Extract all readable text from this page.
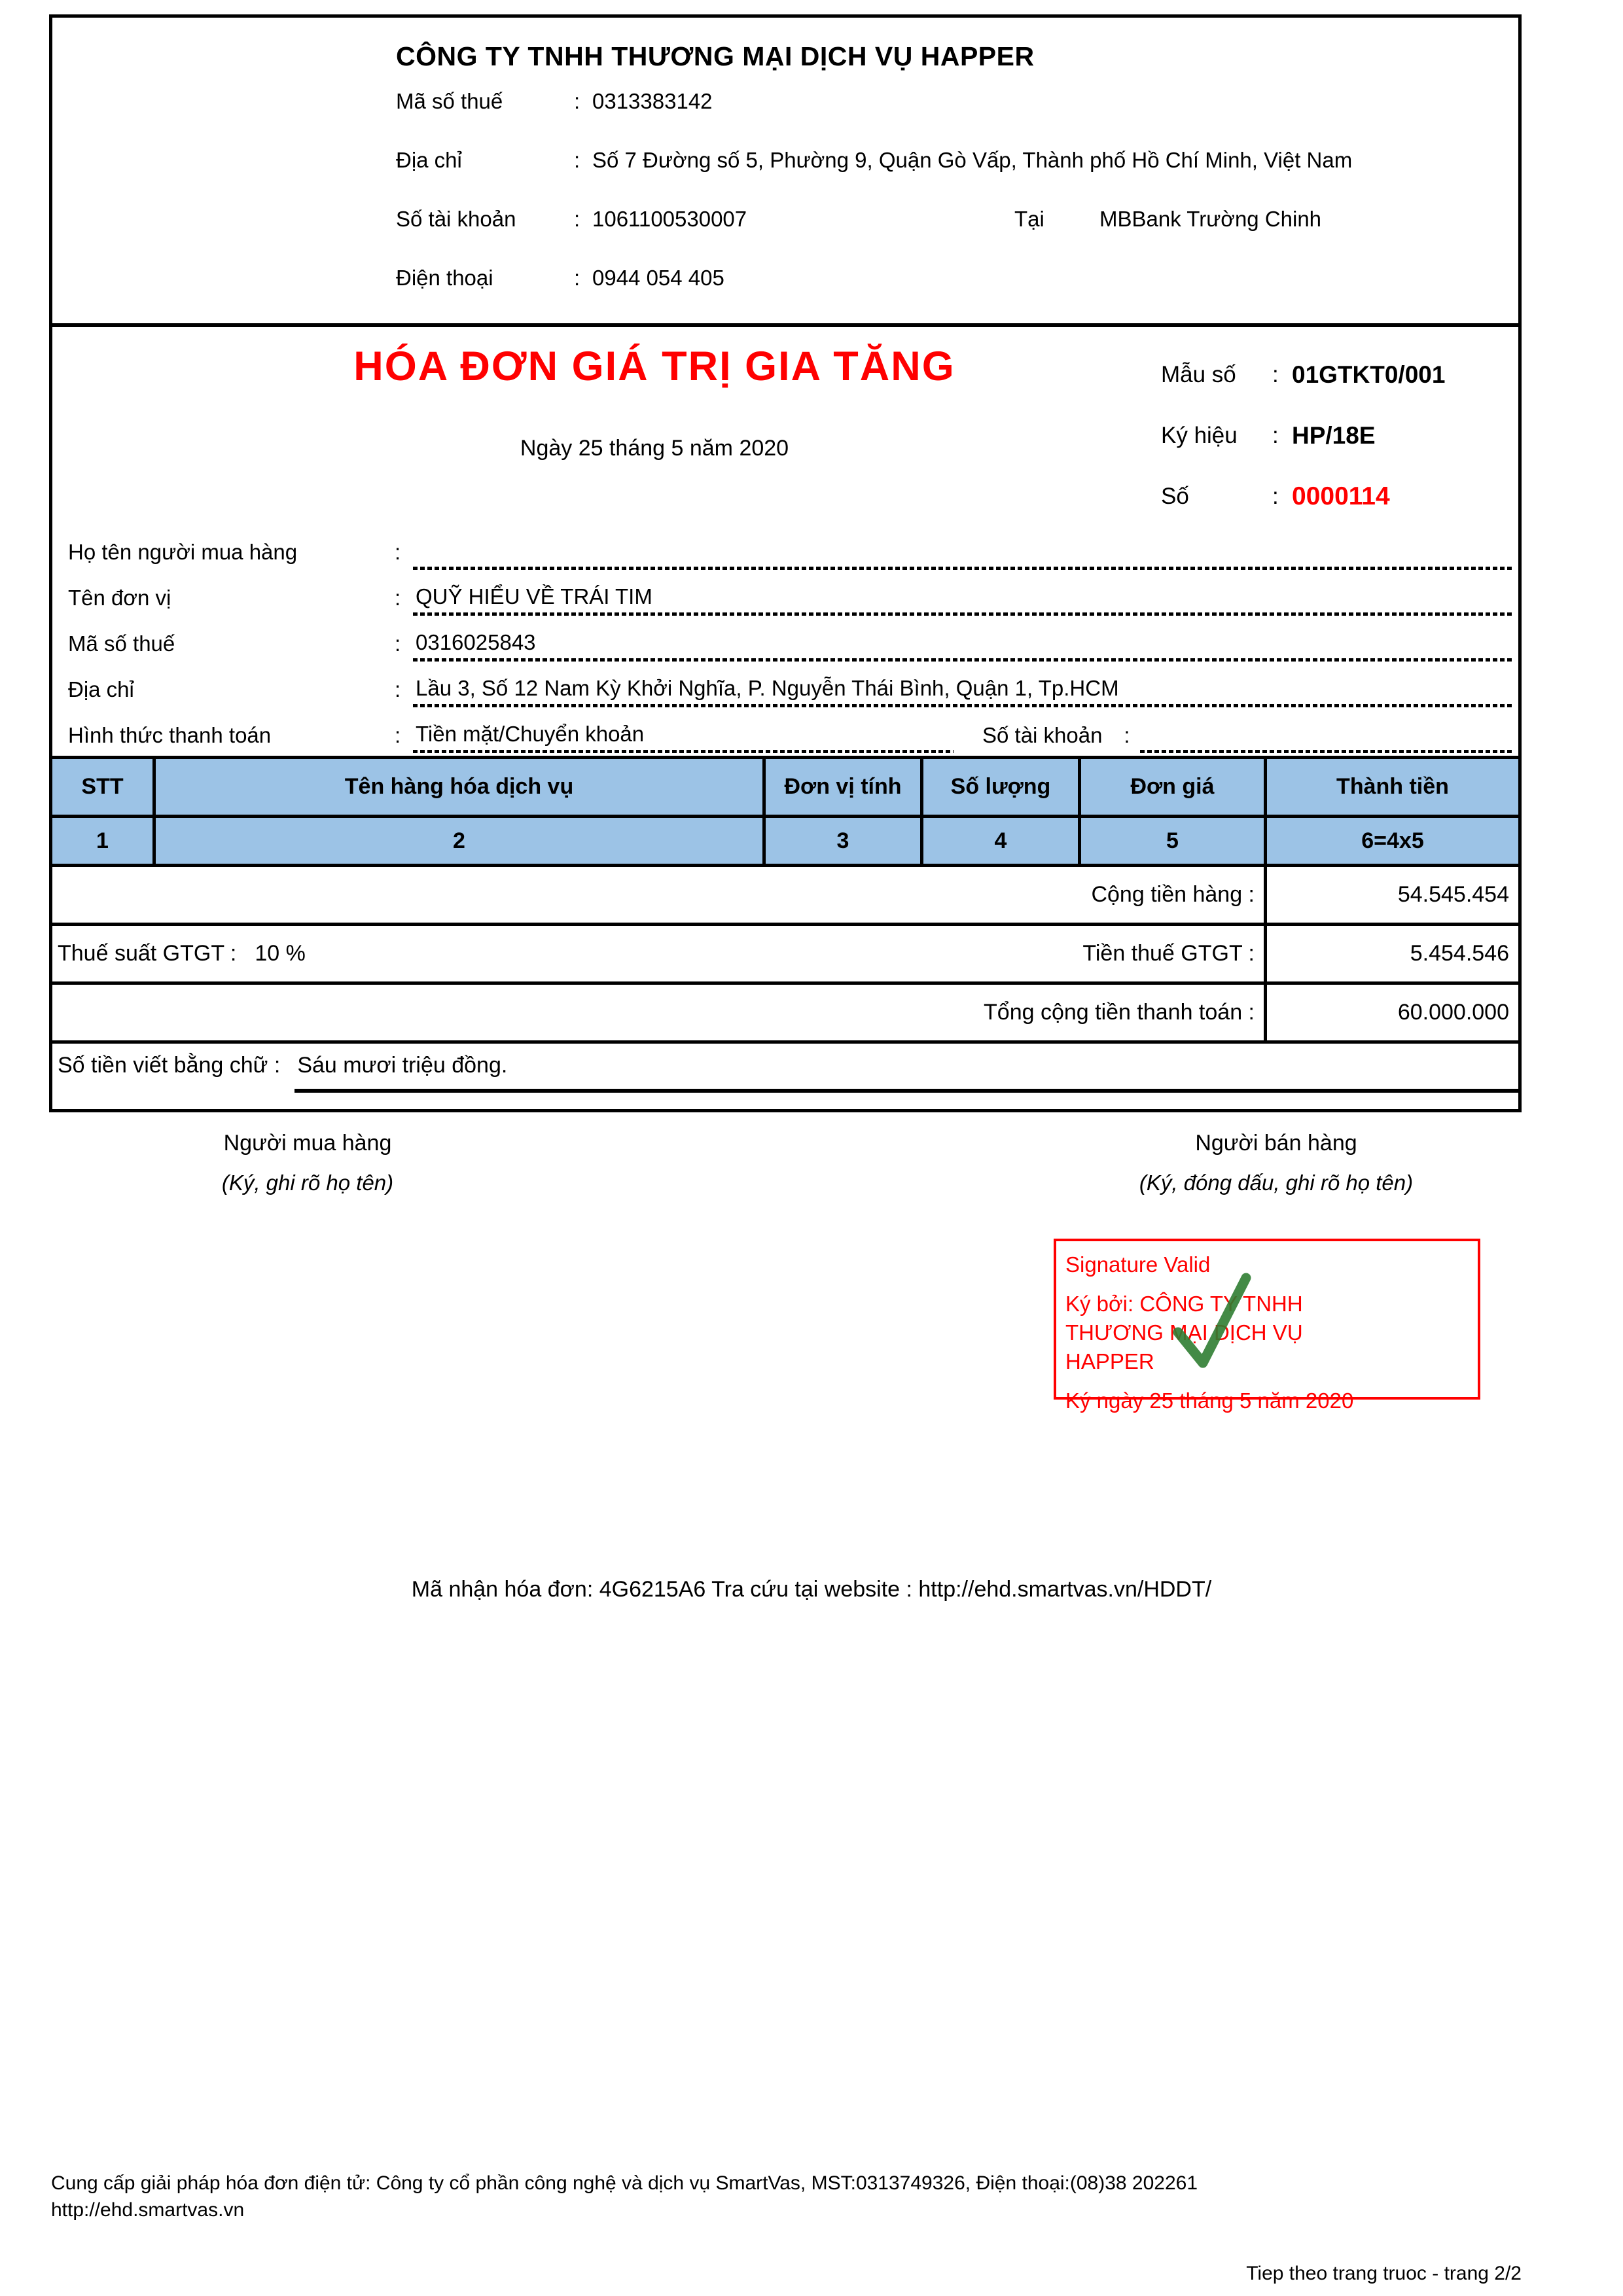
CÔNG TY TNHH THƯƠNG MẠI DỊCH VỤ HAPPER
Mã số thuế	: 0313383142
Địa chỉ	: Số 7 Đường số 5, Phường 9, Quận Gò Vấp, Thành phố Hồ Chí Minh, Việt Nam
Số tài khoản	: 1061100530007	Tại	MBBank Trường Chinh
Điện thoại	: 0944 054 405
HÓA ĐƠN GIÁ TRỊ GIA TĂNG
Ngày 25 tháng 5 năm 2020
Mẫu số	: 01GTKT0/001
Ký hiệu	: HP/18E
Số	: 0000114
Họ tên người mua hàng	:
Tên đơn vị	: QUỸ HIỂU VỀ TRÁI TIM
Mã số thuế	: 0316025843
Địa chỉ	: Lầu 3, Số 12 Nam Kỳ Khởi Nghĩa, P. Nguyễn Thái Bình, Quận 1, Tp.HCM
Hình thức thanh toán	: Tiền mặt/Chuyển khoản	Số tài khoản :
STT	Tên hàng hóa dịch vụ	Đơn vị tính	Số lượng	Đơn giá	Thành tiền
1	2	3	4	5	6=4x5
Cộng tiền hàng :	54.545.454
Thuế suất GTGT : 10 %	Tiền thuế GTGT :	5.454.546
Tổng cộng tiền thanh toán :	60.000.000
Số tiền viết bằng chữ : Sáu mươi triệu đồng.
Người mua hàng
(Ký, ghi rõ họ tên)
Người bán hàng
(Ký, đóng dấu, ghi rõ họ tên)
Signature Valid
Ký bởi: CÔNG TY TNHH THƯƠNG MẠI DỊCH VỤ HAPPER
Ký ngày 25 tháng 5 năm 2020
Mã nhận hóa đơn: 4G6215A6 Tra cứu tại website : http://ehd.smartvas.vn/HDDT/
Cung cấp giải pháp hóa đơn điện tử: Công ty cổ phần công nghệ và dịch vụ SmartVas, MST:0313749326, Điện thoại:(08)38 202261
http://ehd.smartvas.vn
Tiep theo trang truoc - trang 2/2
